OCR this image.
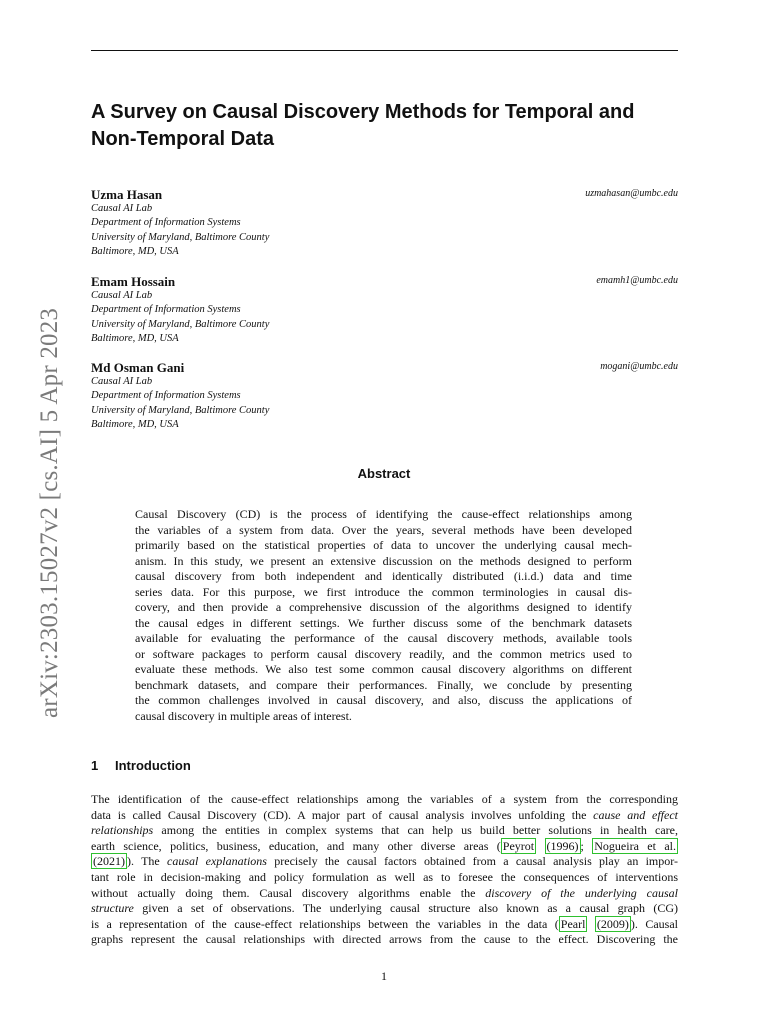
arXiv:2303.15027v2 [cs.AI] 5 Apr 2023
A Survey on Causal Discovery Methods for Temporal and
Non-Temporal Data
Uzma Hasan	uzmahasan@umbc.edu
Causal AI Lab
Department of Information Systems
University of Maryland, Baltimore County
Baltimore, MD, USA
Emam Hossain	emamh1@umbc.edu
Causal AI Lab
Department of Information Systems
University of Maryland, Baltimore County
Baltimore, MD, USA
Md Osman Gani	mogani@umbc.edu
Causal AI Lab
Department of Information Systems
University of Maryland, Baltimore County
Baltimore, MD, USA
Abstract
Causal Discovery (CD) is the process of identifying the cause-effect relationships among
the variables of a system from data. Over the years, several methods have been developed
primarily based on the statistical properties of data to uncover the underlying causal mech-
anism. In this study, we present an extensive discussion on the methods designed to perform
causal discovery from both independent and identically distributed (i.i.d.) data and time
series data. For this purpose, we first introduce the common terminologies in causal dis-
covery, and then provide a comprehensive discussion of the algorithms designed to identify
the causal edges in different settings. We further discuss some of the benchmark datasets
available for evaluating the performance of the causal discovery methods, available tools
or software packages to perform causal discovery readily, and the common metrics used to
evaluate these methods. We also test some common causal discovery algorithms on different
benchmark datasets, and compare their performances. Finally, we conclude by presenting
the common challenges involved in causal discovery, and also, discuss the applications of
causal discovery in multiple areas of interest.
1 Introduction
The identification of the cause-effect relationships among the variables of a system from the corresponding
data is called Causal Discovery (CD). A major part of causal analysis involves unfolding the cause and effect
relationships among the entities in complex systems that can help us build better solutions in health care,
earth science, politics, business, education, and many other diverse areas ( Peyrot (1996) ; Nogueira et al.
(2021) ). The causal explanations precisely the causal factors obtained from a causal analysis play an impor-
tant role in decision-making and policy formulation as well as to foresee the consequences of interventions
without actually doing them. Causal discovery algorithms enable the discovery of the underlying causal
structure given a set of observations. The underlying causal structure also known as a causal graph (CG)
is a representation of the cause-effect relationships between the variables in the data ( Pearl (2009) ). Causal
graphs represent the causal relationships with directed arrows from the cause to the effect. Discovering the
1
